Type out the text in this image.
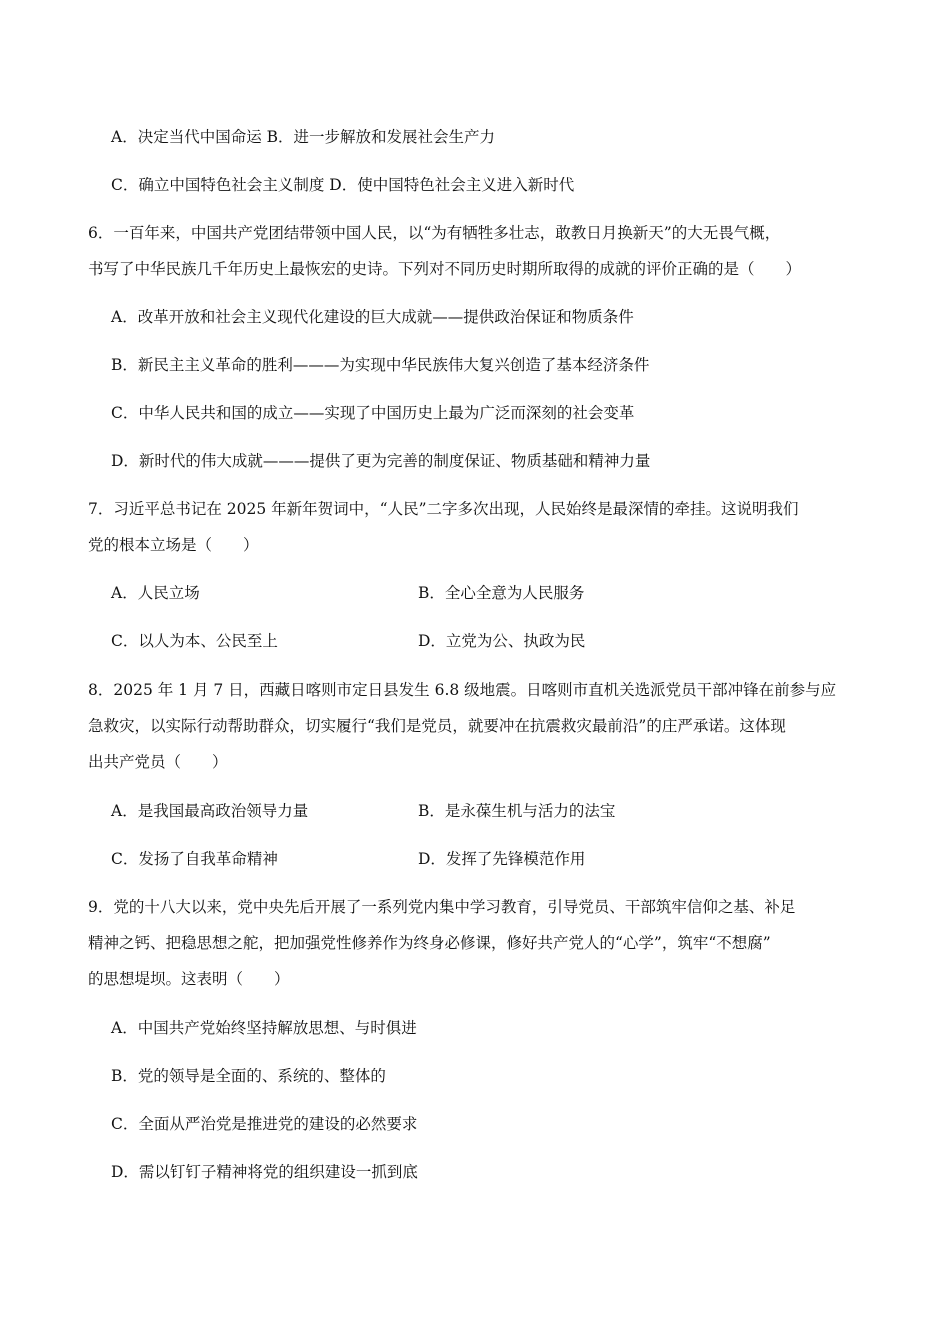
A．决定当代中国命运 B．进一步解放和发展社会生产力
C．确立中国特色社会主义制度 D．使中国特色社会主义进入新时代
6．一百年来，中国共产党团结带领中国人民，以“为有牺牲多壮志，敢教日月换新天”的大无畏气概，
书写了中华民族几千年历史上最恢宏的史诗。下列对不同历史时期所取得的成就的评价正确的是（　　）
A．改革开放和社会主义现代化建设的巨大成就——提供政治保证和物质条件
B．新民主主义革命的胜利———为实现中华民族伟大复兴创造了基本经济条件
C．中华人民共和国的成立——实现了中国历史上最为广泛而深刻的社会变革
D．新时代的伟大成就———提供了更为完善的制度保证、物质基础和精神力量
7．习近平总书记在 2025 年新年贺词中，“人民”二字多次出现，人民始终是最深情的牵挂。这说明我们
党的根本立场是（　　）
A．人民立场	B．全心全意为人民服务
C．以人为本、公民至上	D．立党为公、执政为民
8．2025 年 1 月 7 日，西藏日喀则市定日县发生 6.8 级地震。日喀则市直机关选派党员干部冲锋在前参与应
急救灾，以实际行动帮助群众，切实履行“我们是党员，就要冲在抗震救灾最前沿”的庄严承诺。这体现
出共产党员（　　）
A．是我国最高政治领导力量	B．是永葆生机与活力的法宝
C．发扬了自我革命精神	D．发挥了先锋模范作用
9．党的十八大以来，党中央先后开展了一系列党内集中学习教育，引导党员、干部筑牢信仰之基、补足
精神之钙、把稳思想之舵，把加强党性修养作为终身必修课，修好共产党人的“心学”，筑牢“不想腐”
的思想堤坝。这表明（　　）
A．中国共产党始终坚持解放思想、与时俱进
B．党的领导是全面的、系统的、整体的
C．全面从严治党是推进党的建设的必然要求
D．需以钉钉子精神将党的组织建设一抓到底
